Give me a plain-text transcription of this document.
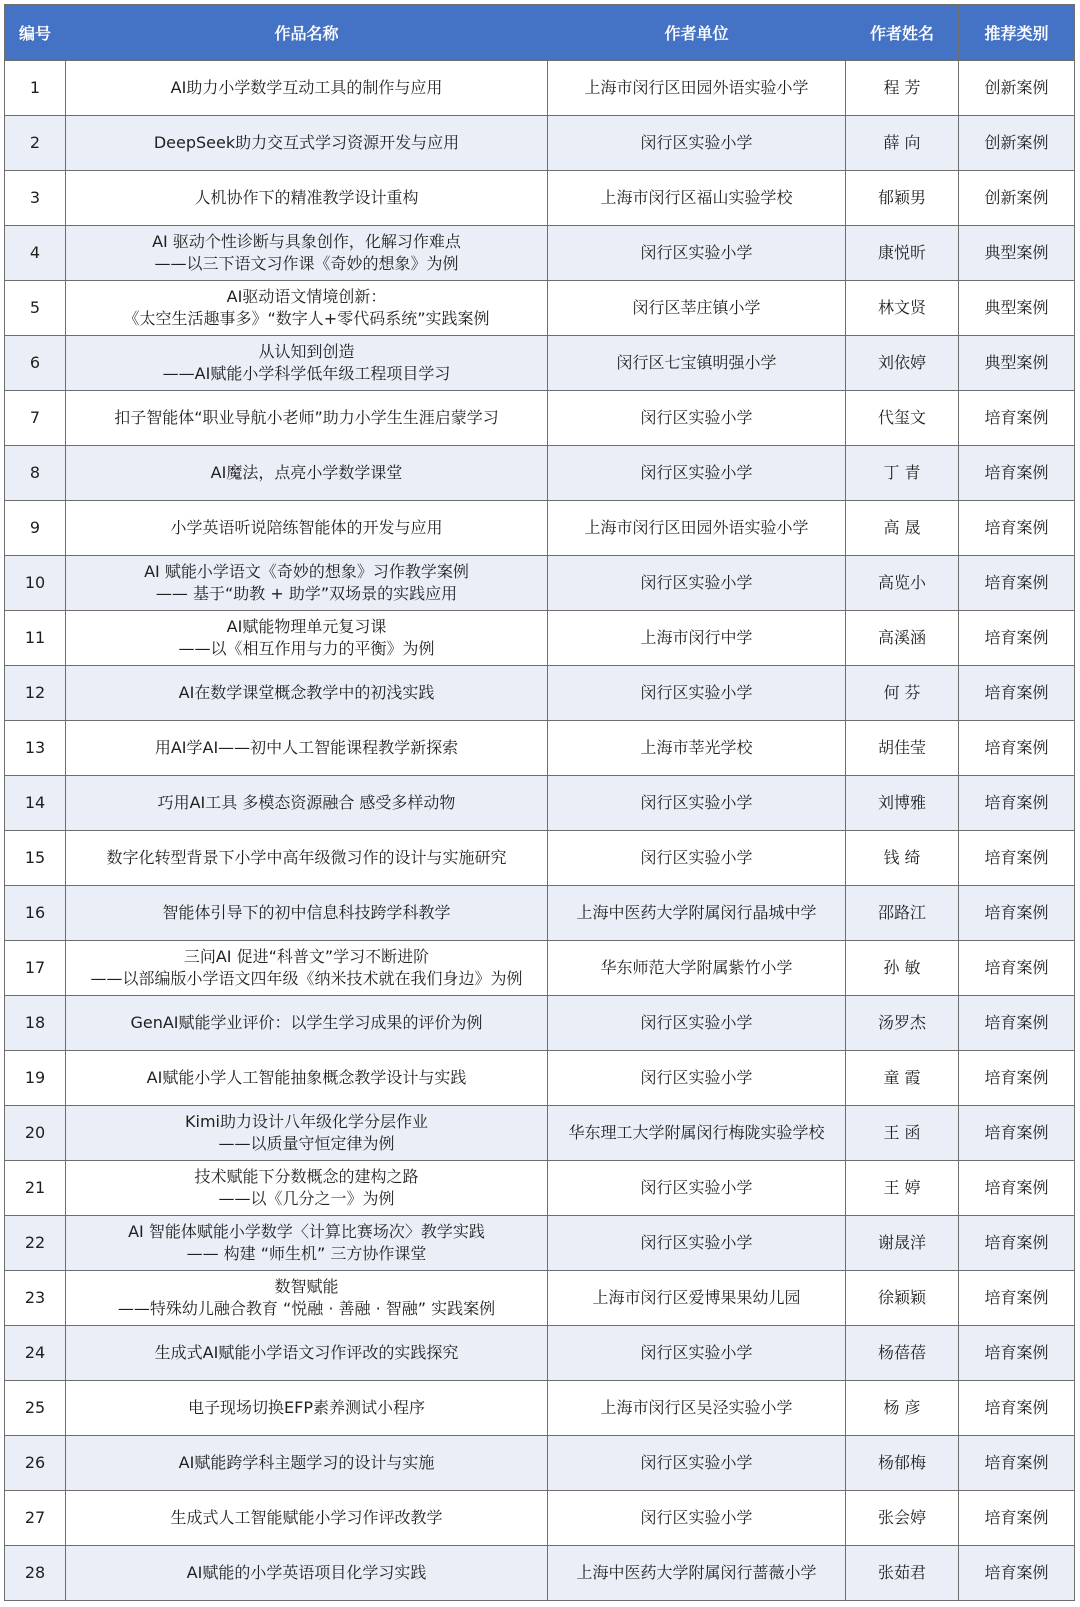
编号	作品名称	作者单位	作者姓名	推荐类别
1	AI助力小学数学互动工具的制作与应用	上海市闵行区田园外语实验小学	程 芳	创新案例
2	DeepSeek助力交互式学习资源开发与应用	闵行区实验小学	薛 向	创新案例
3	人机协作下的精准教学设计重构	上海市闵行区福山实验学校	郁颖男	创新案例
4	AI 驱动个性诊断与具象创作，化解习作难点
——以三下语文习作课《奇妙的想象》为例	闵行区实验小学	康悦昕	典型案例
5	AI驱动语文情境创新：
《太空生活趣事多》“数字人+零代码系统”实践案例	闵行区莘庄镇小学	林文贤	典型案例
6	从认知到创造
——AI赋能小学科学低年级工程项目学习	闵行区七宝镇明强小学	刘依婷	典型案例
7	扣子智能体“职业导航小老师”助力小学生生涯启蒙学习	闵行区实验小学	代玺文	培育案例
8	AI魔法，点亮小学数学课堂	闵行区实验小学	丁 青	培育案例
9	小学英语听说陪练智能体的开发与应用	上海市闵行区田园外语实验小学	高 晟	培育案例
10	AI 赋能小学语文《奇妙的想象》习作教学案例
—— 基于“助教 + 助学”双场景的实践应用	闵行区实验小学	高览小	培育案例
11	AI赋能物理单元复习课
——以《相互作用与力的平衡》为例	上海市闵行中学	高溪涵	培育案例
12	AI在数学课堂概念教学中的初浅实践	闵行区实验小学	何 芬	培育案例
13	用AI学AI——初中人工智能课程教学新探索	上海市莘光学校	胡佳莹	培育案例
14	巧用AI工具 多模态资源融合 感受多样动物	闵行区实验小学	刘博雅	培育案例
15	数字化转型背景下小学中高年级微习作的设计与实施研究	闵行区实验小学	钱 绮	培育案例
16	智能体引导下的初中信息科技跨学科教学	上海中医药大学附属闵行晶城中学	邵路江	培育案例
17	三问AI 促进“科普文”学习不断进阶
——以部编版小学语文四年级《纳米技术就在我们身边》为例	华东师范大学附属紫竹小学	孙 敏	培育案例
18	GenAI赋能学业评价：以学生学习成果的评价为例	闵行区实验小学	汤罗杰	培育案例
19	AI赋能小学人工智能抽象概念教学设计与实践	闵行区实验小学	童 霞	培育案例
20	Kimi助力设计八年级化学分层作业
——以质量守恒定律为例	华东理工大学附属闵行梅陇实验学校	王 函	培育案例
21	技术赋能下分数概念的建构之路
——以《几分之一》为例	闵行区实验小学	王 婷	培育案例
22	AI 智能体赋能小学数学〈计算比赛场次〉教学实践
—— 构建 “师生机” 三方协作课堂	闵行区实验小学	谢晟洋	培育案例
23	数智赋能
——特殊幼儿融合教育 “悦融 · 善融 · 智融” 实践案例	上海市闵行区爱博果果幼儿园	徐颖颖	培育案例
24	生成式AI赋能小学语文习作评改的实践探究	闵行区实验小学	杨蓓蓓	培育案例
25	电子现场切换EFP素养测试小程序	上海市闵行区吴泾实验小学	杨 彦	培育案例
26	AI赋能跨学科主题学习的设计与实施	闵行区实验小学	杨郁梅	培育案例
27	生成式人工智能赋能小学习作评改教学	闵行区实验小学	张会婷	培育案例
28	AI赋能的小学英语项目化学习实践	上海中医药大学附属闵行蔷薇小学	张茹君	培育案例
